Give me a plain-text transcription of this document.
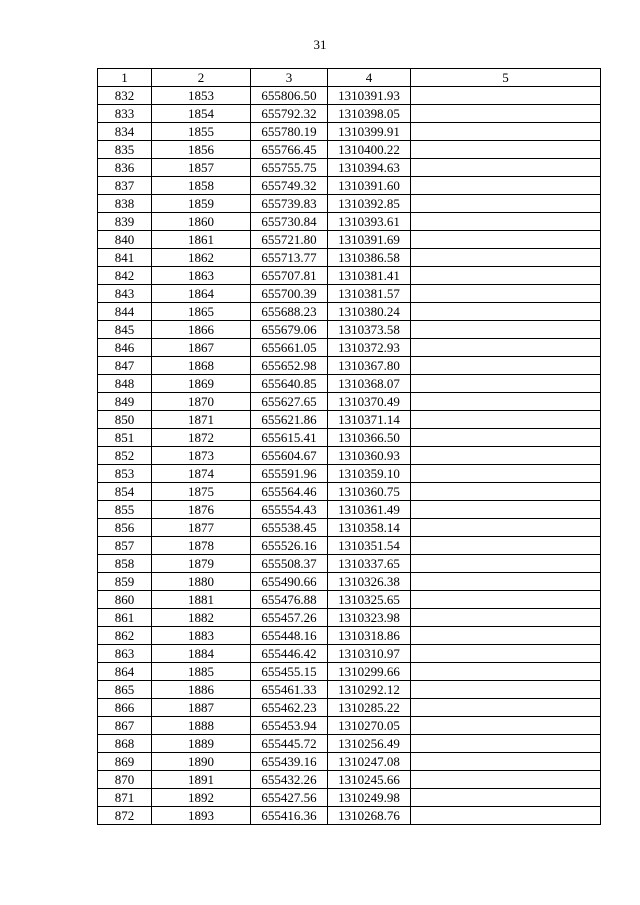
31
1	2	3	4	5
832	1853	655806.50	1310391.93	
833	1854	655792.32	1310398.05	
834	1855	655780.19	1310399.91	
835	1856	655766.45	1310400.22	
836	1857	655755.75	1310394.63	
837	1858	655749.32	1310391.60	
838	1859	655739.83	1310392.85	
839	1860	655730.84	1310393.61	
840	1861	655721.80	1310391.69	
841	1862	655713.77	1310386.58	
842	1863	655707.81	1310381.41	
843	1864	655700.39	1310381.57	
844	1865	655688.23	1310380.24	
845	1866	655679.06	1310373.58	
846	1867	655661.05	1310372.93	
847	1868	655652.98	1310367.80	
848	1869	655640.85	1310368.07	
849	1870	655627.65	1310370.49	
850	1871	655621.86	1310371.14	
851	1872	655615.41	1310366.50	
852	1873	655604.67	1310360.93	
853	1874	655591.96	1310359.10	
854	1875	655564.46	1310360.75	
855	1876	655554.43	1310361.49	
856	1877	655538.45	1310358.14	
857	1878	655526.16	1310351.54	
858	1879	655508.37	1310337.65	
859	1880	655490.66	1310326.38	
860	1881	655476.88	1310325.65	
861	1882	655457.26	1310323.98	
862	1883	655448.16	1310318.86	
863	1884	655446.42	1310310.97	
864	1885	655455.15	1310299.66	
865	1886	655461.33	1310292.12	
866	1887	655462.23	1310285.22	
867	1888	655453.94	1310270.05	
868	1889	655445.72	1310256.49	
869	1890	655439.16	1310247.08	
870	1891	655432.26	1310245.66	
871	1892	655427.56	1310249.98	
872	1893	655416.36	1310268.76	
